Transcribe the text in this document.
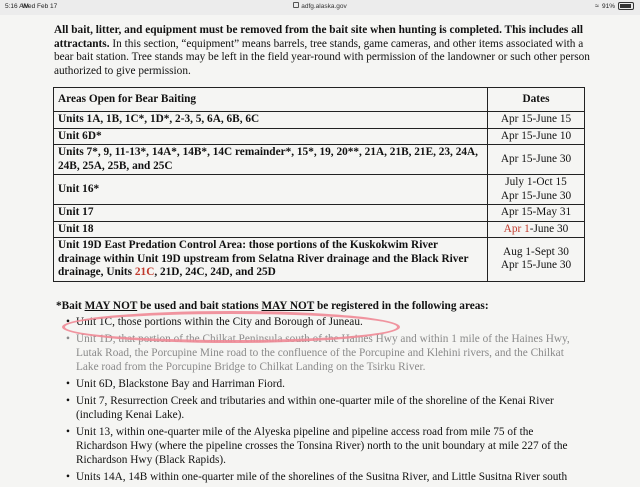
5:16 AM
Wed Feb 17	adfg.alaska.gov	≈ 91%

All bait, litter, and equipment must be removed from the bait site when hunting is completed. This includes all attractants. In this section, “equipment” means barrels, tree stands, game cameras, and other items associated with a bear bait station. Tree stands may be left in the field year-round with permission of the landowner or such other person authorized to give permission.

Areas Open for Bear Baiting	Dates
Units 1A, 1B, 1C*, 1D*, 2-3, 5, 6A, 6B, 6C	Apr 15-June 15
Unit 6D*	Apr 15-June 10
Units 7*, 9, 11-13*, 14A*, 14B*, 14C remainder*, 15*, 19, 20**, 21A, 21B, 21E, 23, 24A, 24B, 25A, 25B, and 25C	Apr 15-June 30
Unit 16*	July 1-Oct 15
Apr 15-June 30

Unit 17	Apr 15-May 31
Unit 18	Apr 1-June 30
Unit 19D East Predation Control Area: those portions of the Kuskokwim River drainage within Unit 19D upstream from Selatna River drainage and the Black River drainage, Units 21C, 21D, 24C, 24D, and 25D	Aug 1-Sept 30
Apr 15-June 30
*Bait MAY NOT be used and bait stations MAY NOT be registered in the following areas:
• Unit 1C, those portions within the City and Borough of Juneau.
• Unit 1D, that portion of the Chilkat Peninsula south of the Haines Hwy and within 1 mile of the Haines Hwy, Lutak Road, the Porcupine Mine road to the confluence of the Porcupine and Klehini rivers, and the Chilkat Lake road from the Porcupine Bridge to Chilkat Landing on the Tsirku River.
• Unit 6D, Blackstone Bay and Harriman Fiord.
• Unit 7, Resurrection Creek and tributaries and within one-quarter mile of the shoreline of the Kenai River (including Kenai Lake).
• Unit 13, within one-quarter mile of the Alyeska pipeline and pipeline access road from mile 75 of the Richardson Hwy (where the pipeline crosses the Tonsina River) north to the unit boundary at mile 227 of the Richardson Hwy (Black Rapids).
• Units 14A, 14B within one-quarter mile of the shorelines of the Susitna River, and Little Susitna River south
